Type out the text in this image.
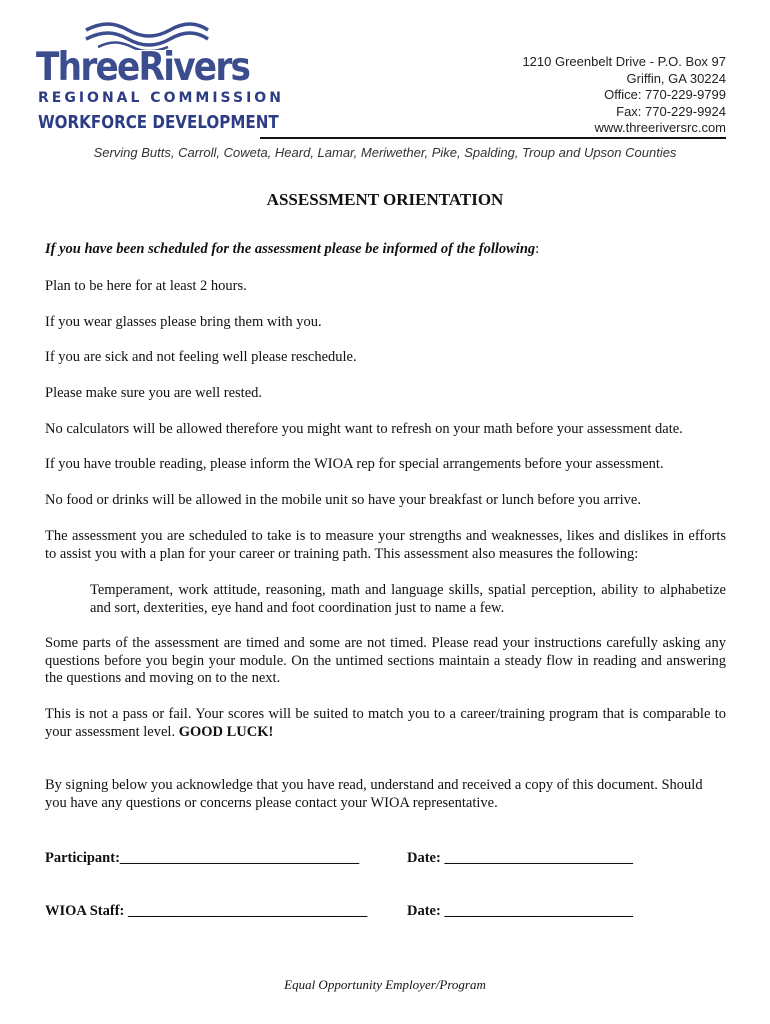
ThreeRivers
REGIONAL COMMISSION
WORKFORCE DEVELOPMENT
1210 Greenbelt Drive - P.O. Box 97
Griffin, GA 30224
Office: 770-229-9799
Fax: 770-229-9924
www.threeriversrc.com
Serving Butts, Carroll, Coweta, Heard, Lamar, Meriwether, Pike, Spalding, Troup and Upson Counties
ASSESSMENT ORIENTATION

If you have been scheduled for the assessment please be informed of the following:

Plan to be here for at least 2 hours.

If you wear glasses please bring them with you.

If you are sick and not feeling well please reschedule.

Please make sure you are well rested.

No calculators will be allowed therefore you might want to refresh on your math before your assessment date.

If you have trouble reading, please inform the WIOA rep for special arrangements before your assessment.

No food or drinks will be allowed in the mobile unit so have your breakfast or lunch before you arrive.

The assessment you are scheduled to take is to measure your strengths and weaknesses, likes and dislikes in efforts to assist you with a plan for your career or training path. This assessment also measures the following:

Temperament, work attitude, reasoning, math and language skills, spatial perception, ability to alphabetize and sort, dexterities, eye hand and foot coordination just to name a few.

Some parts of the assessment are timed and some are not timed. Please read your instructions carefully asking any questions before you begin your module. On the untimed sections maintain a steady flow in reading and answering the questions and moving on to the next.

This is not a pass or fail. Your scores will be suited to match you to a career/training program that is comparable to your assessment level. GOOD LUCK!

By signing below you acknowledge that you have read, understand and received a copy of this document. Should you have any questions or concerns please contact your WIOA representative.

Participant:_________________________________	Date: __________________________
WIOA Staff: _________________________________	Date: __________________________
Equal Opportunity Employer/Program
